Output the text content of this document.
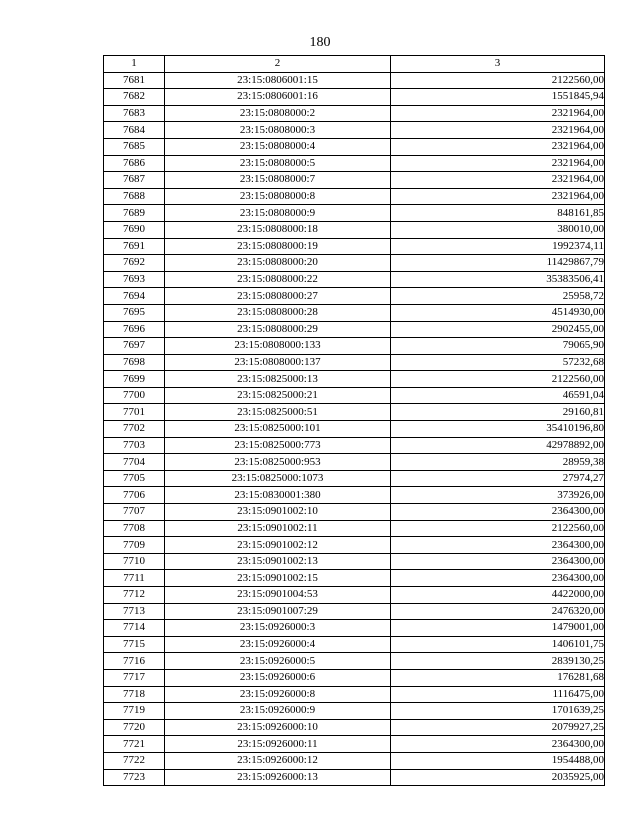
180
1	2	3
7681	23:15:0806001:15	2122560,00
7682	23:15:0806001:16	1551845,94
7683	23:15:0808000:2	2321964,00
7684	23:15:0808000:3	2321964,00
7685	23:15:0808000:4	2321964,00
7686	23:15:0808000:5	2321964,00
7687	23:15:0808000:7	2321964,00
7688	23:15:0808000:8	2321964,00
7689	23:15:0808000:9	848161,85
7690	23:15:0808000:18	380010,00
7691	23:15:0808000:19	1992374,11
7692	23:15:0808000:20	11429867,79
7693	23:15:0808000:22	35383506,41
7694	23:15:0808000:27	25958,72
7695	23:15:0808000:28	4514930,00
7696	23:15:0808000:29	2902455,00
7697	23:15:0808000:133	79065,90
7698	23:15:0808000:137	57232,68
7699	23:15:0825000:13	2122560,00
7700	23:15:0825000:21	46591,04
7701	23:15:0825000:51	29160,81
7702	23:15:0825000:101	35410196,80
7703	23:15:0825000:773	42978892,00
7704	23:15:0825000:953	28959,38
7705	23:15:0825000:1073	27974,27
7706	23:15:0830001:380	373926,00
7707	23:15:0901002:10	2364300,00
7708	23:15:0901002:11	2122560,00
7709	23:15:0901002:12	2364300,00
7710	23:15:0901002:13	2364300,00
7711	23:15:0901002:15	2364300,00
7712	23:15:0901004:53	4422000,00
7713	23:15:0901007:29	2476320,00
7714	23:15:0926000:3	1479001,00
7715	23:15:0926000:4	1406101,75
7716	23:15:0926000:5	2839130,25
7717	23:15:0926000:6	176281,68
7718	23:15:0926000:8	1116475,00
7719	23:15:0926000:9	1701639,25
7720	23:15:0926000:10	2079927,25
7721	23:15:0926000:11	2364300,00
7722	23:15:0926000:12	1954488,00
7723	23:15:0926000:13	2035925,00
